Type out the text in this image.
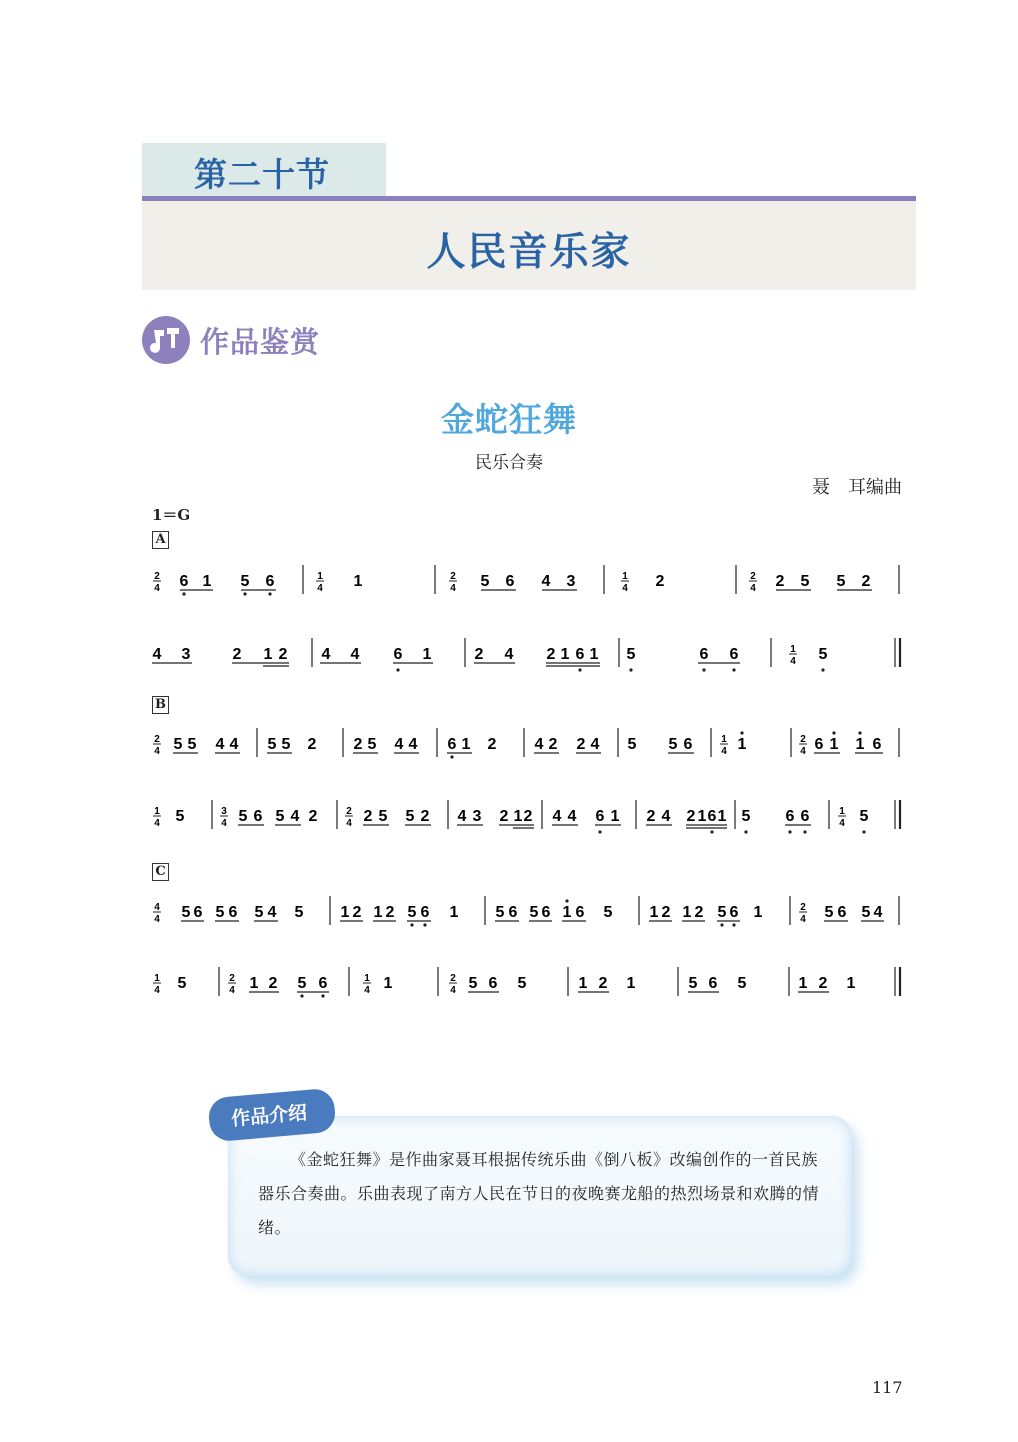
第二十节
人民音乐家
作品鉴赏
金蛇狂舞
民乐合奏
聂　耳编曲
1＝G
A
B
C
2
4 6 1 5 6	1
4 1	2
4 5 6 4 3	1
4 2	2
4 2 5 5 2
4 3	2 1 2 4 4 6 1	2 4 2 1 6 1 5	6 6	1
4 5
2
4 5 5 4 4 5 5 2 2 5 4 4 6 1 2 4 2 2 4 5 5 6	1
4 1	2
4 6 1 1 6
1
4 5	3
4 5 6 5 4 2	2
4 2 5 5 2 4 3 2 1 2 4 4 6 1 2 4 2 1 6 1 5 6 6	1
4 5
4
4 5 6 5 6 5 4 5 1 2 1 2 5 6 1 5 6 5 6 1 6 5 1 2 1 2 5 6 1	2
4 5 6 5 4
1
4 5	2
4 1 2 5 6	1
4 1	2
4 5 6 5	1 2 1	5 6 5	1 2 1
作品介绍
《金蛇狂舞》是作曲家聂耳根据传统乐曲《倒八板》改编创作的一首民族器乐合奏曲。乐曲表现了南方人民在节日的夜晚赛龙船的热烈场景和欢腾的情绪。
117
